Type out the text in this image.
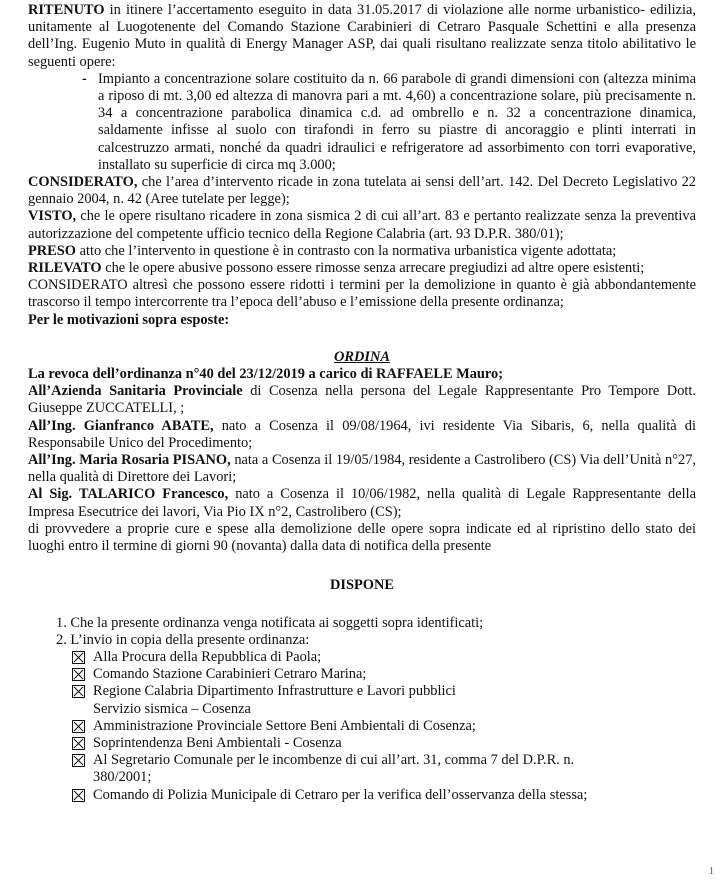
RITENUTO in itinere l’accertamento eseguito in data 31.05.2017 di violazione alle norme urbanistico- edilizia, unitamente al Luogotenente del Comando Stazione Carabinieri di Cetraro Pasquale Schettini e alla presenza dell’Ing. Eugenio Muto in qualità di Energy Manager ASP, dai quali risultano realizzate senza titolo abilitativo le seguenti opere:

- Impianto a concentrazione solare costituito da n. 66 parabole di grandi dimensioni con (altezza minima a riposo di mt. 3,00 ed altezza di manovra pari a mt. 4,60) a concentrazione solare, più precisamente n. 34 a concentrazione parabolica dinamica c.d. ad ombrello e n. 32 a concentrazione dinamica, saldamente infisse al suolo con tirafondi in ferro su piastre di ancoraggio e plinti interrati in calcestruzzo armati, nonché da quadri idraulici e refrigeratore ad assorbimento con torri evaporative, installato su superficie di circa mq 3.000;

CONSIDERATO, che l’area d’intervento ricade in zona tutelata ai sensi dell’art. 142. Del Decreto Legislativo 22 gennaio 2004, n. 42 (Aree tutelate per legge);

VISTO, che le opere risultano ricadere in zona sismica 2 di cui all’art. 83 e pertanto realizzate senza la preventiva autorizzazione del competente ufficio tecnico della Regione Calabria (art. 93 D.P.R. 380/01);

PRESO atto che l’intervento in questione è in contrasto con la normativa urbanistica vigente adottata;

RILEVATO che le opere abusive possono essere rimosse senza arrecare pregiudizi ad altre opere esistenti;

CONSIDERATO altresì che possono essere ridotti i termini per la demolizione in quanto è già abbondantemente trascorso il tempo intercorrente tra l’epoca dell’abuso e l’emissione della presente ordinanza;

Per le motivazioni sopra esposte:

ORDINA

La revoca dell’ordinanza n°40 del 23/12/2019 a carico di RAFFAELE Mauro;

All’Azienda Sanitaria Provinciale di Cosenza nella persona del Legale Rappresentante Pro Tempore Dott. Giuseppe ZUCCATELLI, ;

All’Ing. Gianfranco ABATE, nato a Cosenza il 09/08/1964, ivi residente Via Sibaris, 6, nella qualità di Responsabile Unico del Procedimento;

All’Ing. Maria Rosaria PISANO, nata a Cosenza il 19/05/1984, residente a Castrolibero (CS) Via dell’Unità n°27, nella qualità di Direttore dei Lavori;

Al Sig. TALARICO Francesco, nato a Cosenza il 10/06/1982, nella qualità di Legale Rappresentante della Impresa Esecutrice dei lavori, Via Pio IX n°2, Castrolibero (CS);

di provvedere a proprie cure e spese alla demolizione delle opere sopra indicate ed al ripristino dello stato dei luoghi entro il termine di giorni 90 (novanta) dalla data di notifica della presente

DISPONE
1. Che la presente ordinanza venga notificata ai soggetti sopra identificati;
2. L’invio in copia della presente ordinanza:
Alla Procura della Repubblica di Paola;
Comando Stazione Carabinieri Cetraro Marina;
Regione Calabria Dipartimento Infrastrutture e Lavori pubblici Servizio sismica – Cosenza
Amministrazione Provinciale Settore Beni Ambientali di Cosenza;
Soprintendenza Beni Ambientali - Cosenza
Al Segretario Comunale per le incombenze di cui all’art. 31, comma 7 del D.P.R. n. 380/2001;
Comando di Polizia Municipale di Cetraro per la verifica dell’osservanza della stessa;
1
